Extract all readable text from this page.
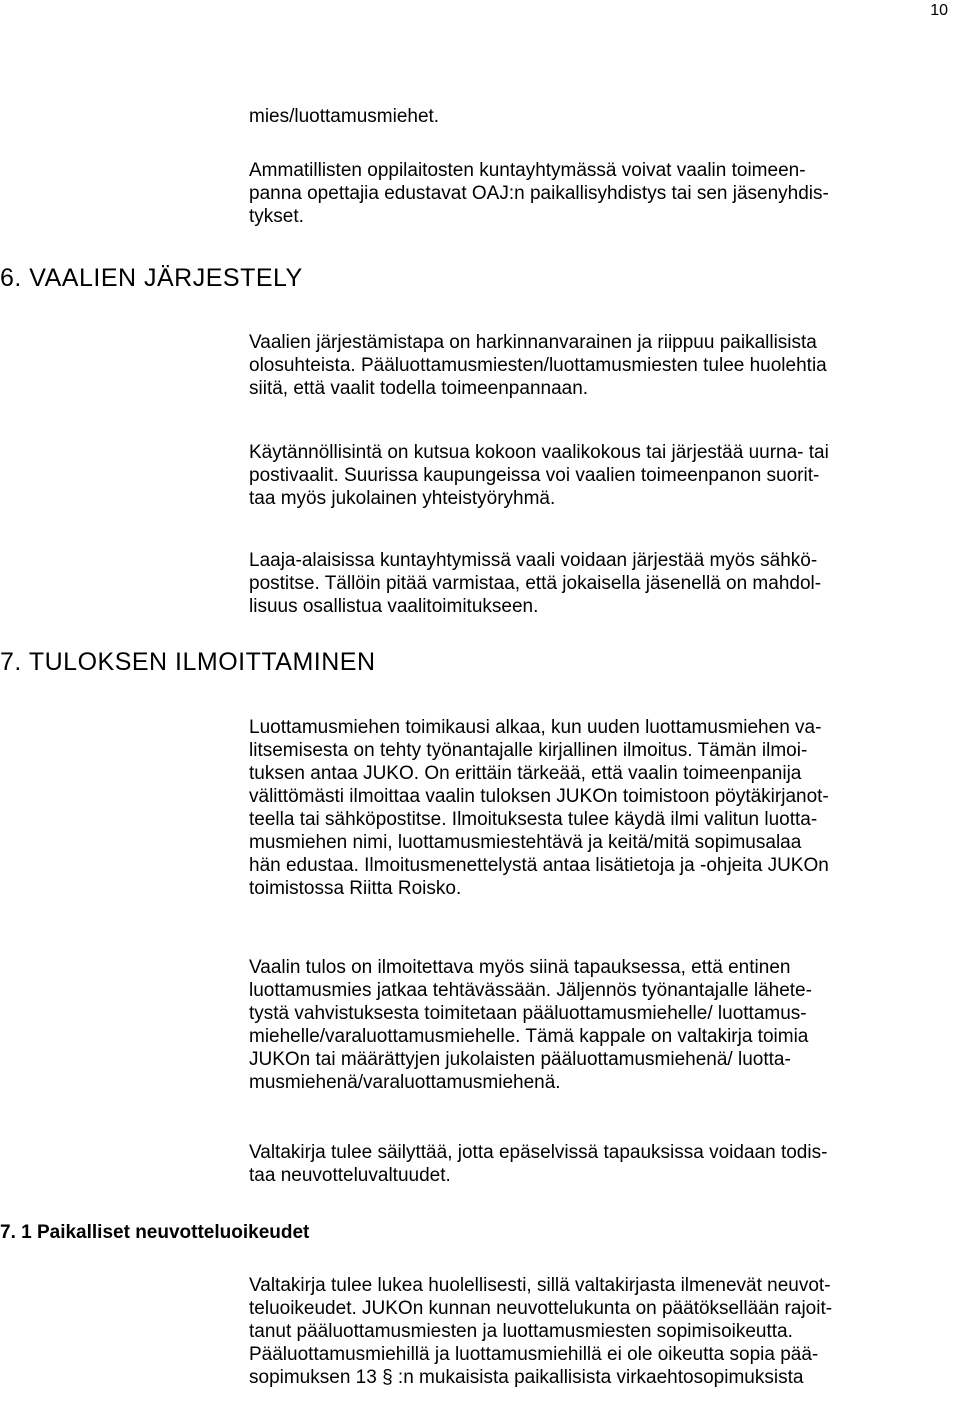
10

mies/luottamusmiehet.

Ammatillisten oppilaitosten kuntayhtymässä voivat vaalin toimeen-
panna opettajia edustavat OAJ:n paikallisyhdistys tai sen jäsenyhdis-
tykset.

6. VAALIEN JÄRJESTELY

Vaalien järjestämistapa on harkinnanvarainen ja riippuu paikallisista
olosuhteista. Pääluottamusmiesten/luottamusmiesten tulee huolehtia
siitä, että vaalit todella toimeenpannaan.

Käytännöllisintä on kutsua kokoon vaalikokous tai järjestää uurna- tai
postivaalit. Suurissa kaupungeissa voi vaalien toimeenpanon suorit-
taa myös jukolainen yhteistyöryhmä.

Laaja-alaisissa kuntayhtymissä vaali voidaan järjestää myös sähkö-
postitse. Tällöin pitää varmistaa, että jokaisella jäsenellä on mahdol-
lisuus osallistua vaalitoimitukseen.

7. TULOKSEN ILMOITTAMINEN

Luottamusmiehen toimikausi alkaa, kun uuden luottamusmiehen va-
litsemisesta on tehty työnantajalle kirjallinen ilmoitus. Tämän ilmoi-
tuksen antaa JUKO. On erittäin tärkeää, että vaalin toimeenpanija
välittömästi ilmoittaa vaalin tuloksen JUKOn toimistoon pöytäkirjanot-
teella tai sähköpostitse. Ilmoituksesta tulee käydä ilmi valitun luotta-
musmiehen nimi, luottamusmiestehtävä ja keitä/mitä sopimusalaa
hän edustaa. Ilmoitusmenettelystä antaa lisätietoja ja -ohjeita JUKOn
toimistossa Riitta Roisko.

Vaalin tulos on ilmoitettava myös siinä tapauksessa, että entinen
luottamusmies jatkaa tehtävässään. Jäljennös työnantajalle lähete-
tystä vahvistuksesta toimitetaan pääluottamusmiehelle/ luottamus-
miehelle/varaluottamusmiehelle. Tämä kappale on valtakirja toimia
JUKOn tai määrättyjen jukolaisten pääluottamusmiehenä/ luotta-
musmiehenä/varaluottamusmiehenä.

Valtakirja tulee säilyttää, jotta epäselvissä tapauksissa voidaan todis-
taa neuvotteluvaltuudet.

7. 1 Paikalliset neuvotteluoikeudet

Valtakirja tulee lukea huolellisesti, sillä valtakirjasta ilmenevät neuvot-
teluoikeudet. JUKOn kunnan neuvottelukunta on päätöksellään rajoit-
tanut pääluottamusmiesten ja luottamusmiesten sopimisoikeutta.
Pääluottamusmiehillä ja luottamusmiehillä ei ole oikeutta sopia pää-
sopimuksen 13 § :n mukaisista paikallisista virkaehtosopimuksista
